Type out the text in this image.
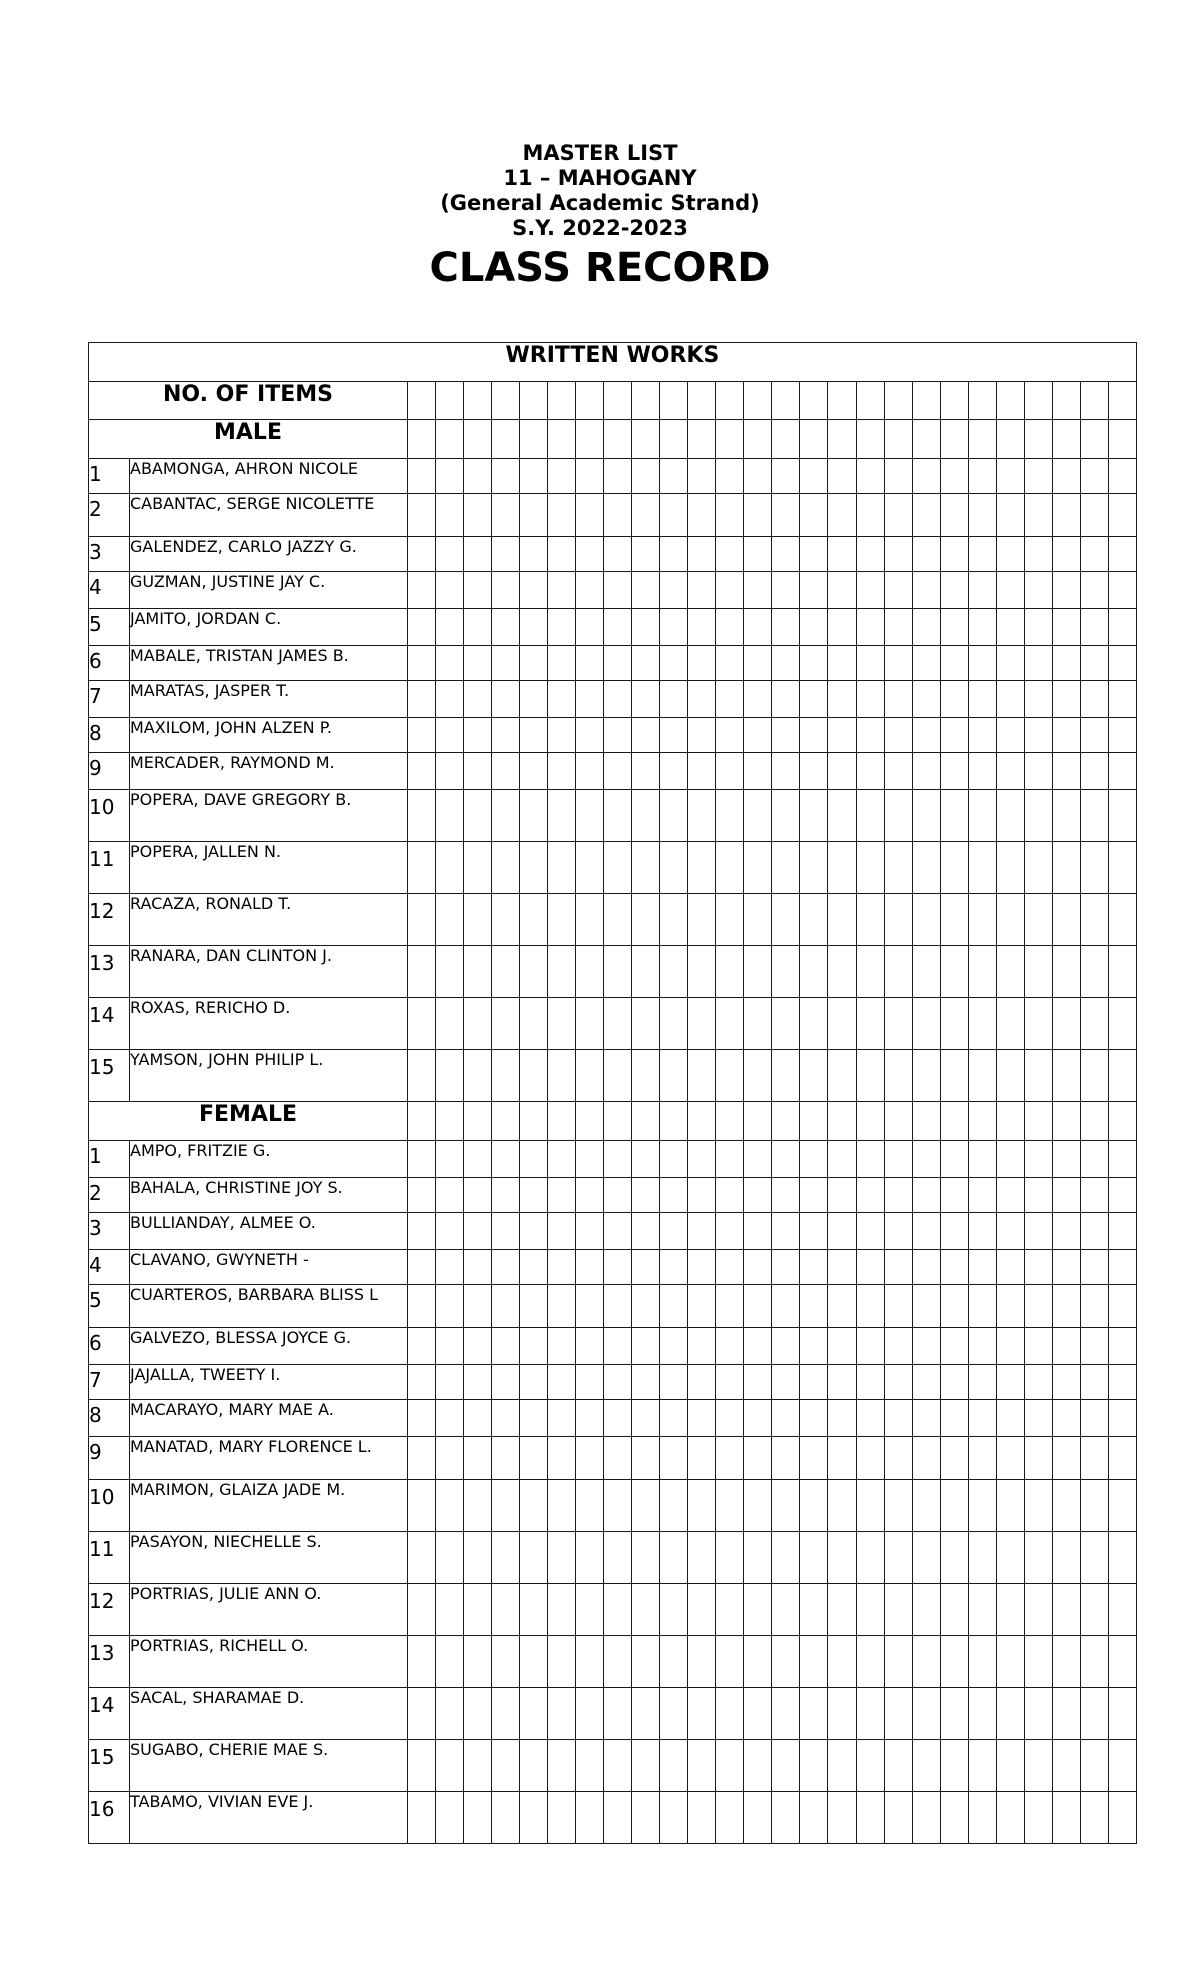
MASTER LIST
11 – MAHOGANY
(General Academic Strand)
S.Y. 2022-2023
CLASS RECORD
WRITTEN WORKS																											
NO. OF ITEMS																											
MALE																											
1	ABAMONGA, AHRON NICOLE																										
2	CABANTAC, SERGE NICOLETTE																										
3	GALENDEZ, CARLO JAZZY G.																										
4	GUZMAN, JUSTINE JAY C.																										
5	JAMITO, JORDAN C.																										
6	MABALE, TRISTAN JAMES B.																										
7	MARATAS, JASPER T.																										
8	MAXILOM, JOHN ALZEN P.																										
9	MERCADER, RAYMOND M.																										
10	POPERA, DAVE GREGORY B.																										
11	POPERA, JALLEN N.																										
12	RACAZA, RONALD T.																										
13	RANARA, DAN CLINTON J.																										
14	ROXAS, RERICHO D.																										
15	YAMSON, JOHN PHILIP L.																										
FEMALE																											
1	AMPO, FRITZIE G.																										
2	BAHALA, CHRISTINE JOY S.																										
3	BULLIANDAY, ALMEE O.																										
4	CLAVANO, GWYNETH -																										
5	CUARTEROS, BARBARA BLISS L																										
6	GALVEZO, BLESSA JOYCE G.																										
7	JAJALLA, TWEETY I.																										
8	MACARAYO, MARY MAE A.																										
9	MANATAD, MARY FLORENCE L.																										
10	MARIMON, GLAIZA JADE M.																										
11	PASAYON, NIECHELLE S.																										
12	PORTRIAS, JULIE ANN O.																										
13	PORTRIAS, RICHELL O.																										
14	SACAL, SHARAMAE D.																										
15	SUGABO, CHERIE MAE S.																										
16	TABAMO, VIVIAN EVE J.																										
